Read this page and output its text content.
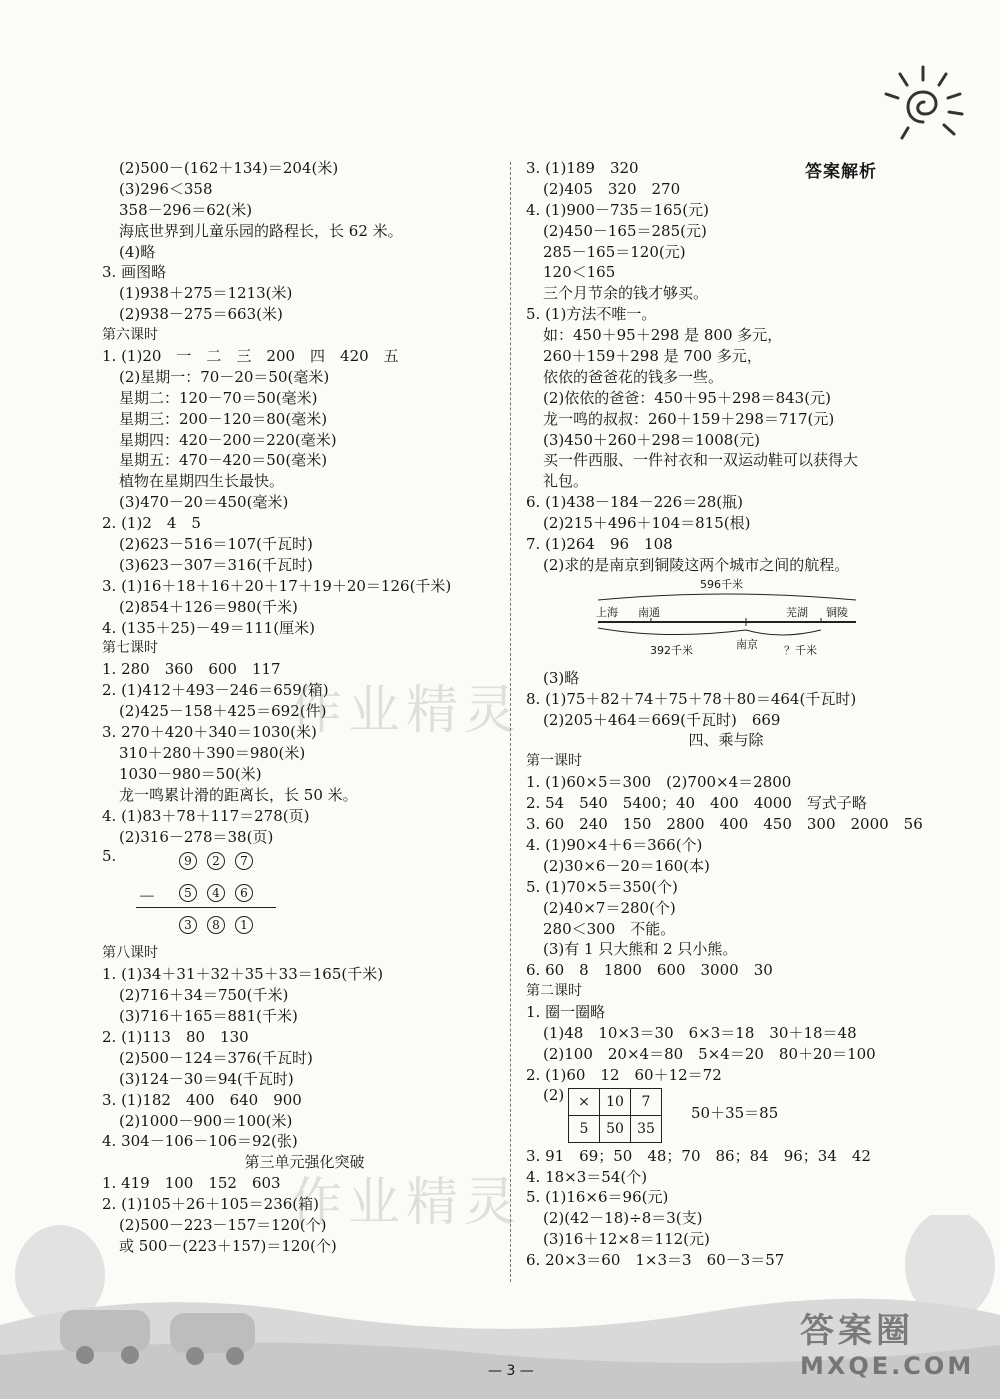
答案解析
(2)500－(162＋134)＝204(米)
(3)296＜358
358－296＝62(米)
海底世界到儿童乐园的路程长，长 62 米。
(4)略
3. 画图略
(1)938＋275＝1213(米)
(2)938－275＝663(米)
第六课时
1. (1)20　一　二　三　200　四　420　五
(2)星期一：70－20＝50(毫米)
星期二：120－70＝50(毫米)
星期三：200－120＝80(毫米)
星期四：420－200＝220(毫米)
星期五：470－420＝50(毫米)
植物在星期四生长最快。
(3)470－20＝450(毫米)
2. (1)2　4　5
(2)623－516＝107(千瓦时)
(3)623－307＝316(千瓦时)
3. (1)16＋18＋16＋20＋17＋19＋20＝126(千米)
(2)854＋126＝980(千米)
4. (135＋25)－49＝111(厘米)
第七课时
1. 280　360　600　117
2. (1)412＋493－246＝659(箱)
(2)425－158＋425＝692(件)
3. 270＋420＋340＝1030(米)
310＋280＋390＝980(米)
1030－980＝50(米)
龙一鸣累计滑的距离长，长 50 米。
4. (1)83＋78＋117＝278(页)
(2)316－278＝38(页)
5.	9 2 7
－	5 4 6
3 8 1
第八课时
1. (1)34＋31＋32＋35＋33＝165(千米)
(2)716＋34＝750(千米)
(3)716＋165＝881(千米)
2. (1)113　80　130
(2)500－124＝376(千瓦时)
(3)124－30＝94(千瓦时)
3. (1)182　400　640　900
(2)1000－900＝100(米)
4. 304－106－106＝92(张)
第三单元强化突破
1. 419　100　152　603
2. (1)105＋26＋105＝236(箱)
(2)500－223－157＝120(个)
或 500－(223＋157)＝120(个)
3. (1)189　320
(2)405　320　270
4. (1)900－735＝165(元)
(2)450－165＝285(元)
285－165＝120(元)
120＜165
三个月节余的钱才够买。
5. (1)方法不唯一。
如：450＋95＋298 是 800 多元，
260＋159＋298 是 700 多元，
依依的爸爸花的钱多一些。
(2)依依的爸爸：450＋95＋298＝843(元)
龙一鸣的叔叔：260＋159＋298＝717(元)
(3)450＋260＋298＝1008(元)
买一件西服、一件衬衣和一双运动鞋可以获得大
礼包。
6. (1)438－184－226＝28(瓶)
(2)215＋496＋104＝815(根)
7. (1)264　96　108
(2)求的是南京到铜陵这两个城市之间的航程。
596千米
上海 南通	芜湖 铜陵
南京
392千米	？千米
(3)略
8. (1)75＋82＋74＋75＋78＋80＝464(千瓦时)
(2)205＋464＝669(千瓦时)　669
四、乘与除
第一课时
1. (1)60×5＝300　(2)700×4＝2800
2. 54　540　5400；40　400　4000　写式子略
3. 60　240　150　2800　400　450　300　2000　56
4. (1)90×4＋6＝366(个)
(2)30×6－20＝160(本)
5. (1)70×5＝350(个)
(2)40×7＝280(个)
280＜300　不能。
(3)有 1 只大熊和 2 只小熊。
6. 60　8　1800　600　3000　30
第二课时
1. 圈一圈略
(1)48　10×3＝30　6×3＝18　30＋18＝48
(2)100　20×4＝80　5×4＝20　80＋20＝100
2. (1)60　12　60＋12＝72
(2) ×	10	7
5	50	35
50＋35＝85
3. 91　69；50　48；70　86；84　96；34　42
4. 18×3＝54(个)
5. (1)16×6＝96(元)
(2)(42－18)÷8＝3(支)
(3)16＋12×8＝112(元)
6. 20×3＝60　1×3＝3　60－3＝57
作业精灵
作业精灵
— 3 —
答案圈
MXQE.COM
